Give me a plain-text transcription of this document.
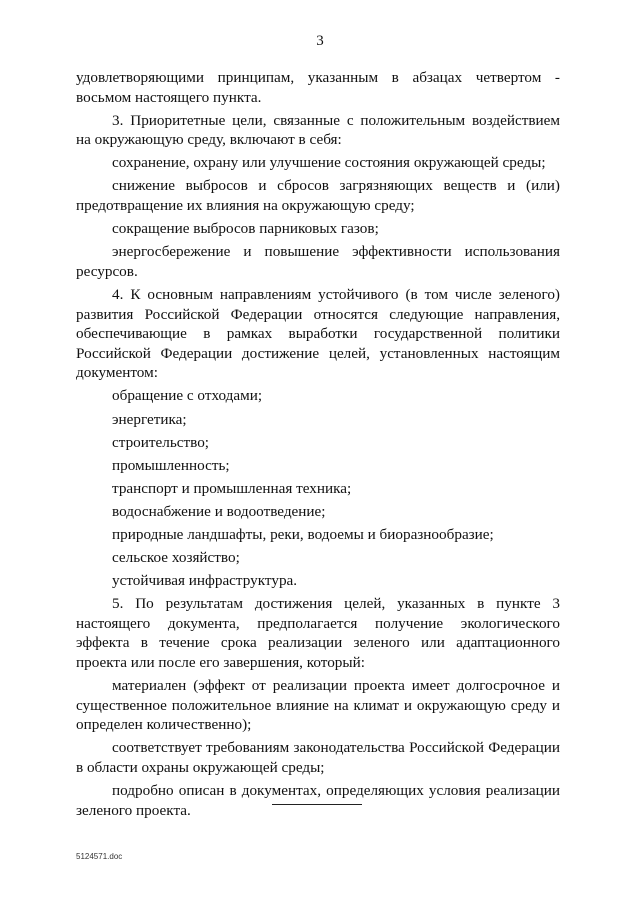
3

удовлетворяющими принципам, указанным в абзацах четвертом - восьмом настоящего пункта.

3. Приоритетные цели, связанные с положительным воздействием на окружающую среду, включают в себя:

сохранение, охрану или улучшение состояния окружающей среды;

снижение выбросов и сбросов загрязняющих веществ и (или) предотвращение их влияния на окружающую среду;

сокращение выбросов парниковых газов;

энергосбережение и повышение эффективности использования ресурсов.

4. К основным направлениям устойчивого (в том числе зеленого) развития Российской Федерации относятся следующие направления, обеспечивающие в рамках выработки государственной политики Российской Федерации достижение целей, установленных настоящим документом:

обращение с отходами;

энергетика;

строительство;

промышленность;

транспорт и промышленная техника;

водоснабжение и водоотведение;

природные ландшафты, реки, водоемы и биоразнообразие;

сельское хозяйство;

устойчивая инфраструктура.

5. По результатам достижения целей, указанных в пункте 3 настоящего документа, предполагается получение экологического эффекта в течение срока реализации зеленого или адаптационного проекта или после его завершения, который:

материален (эффект от реализации проекта имеет долгосрочное и существенное положительное влияние на климат и окружающую среду и определен количественно);

соответствует требованиям законодательства Российской Федерации в области охраны окружающей среды;

подробно описан в документах, определяющих условия реализации зеленого проекта.

5124571.doc
